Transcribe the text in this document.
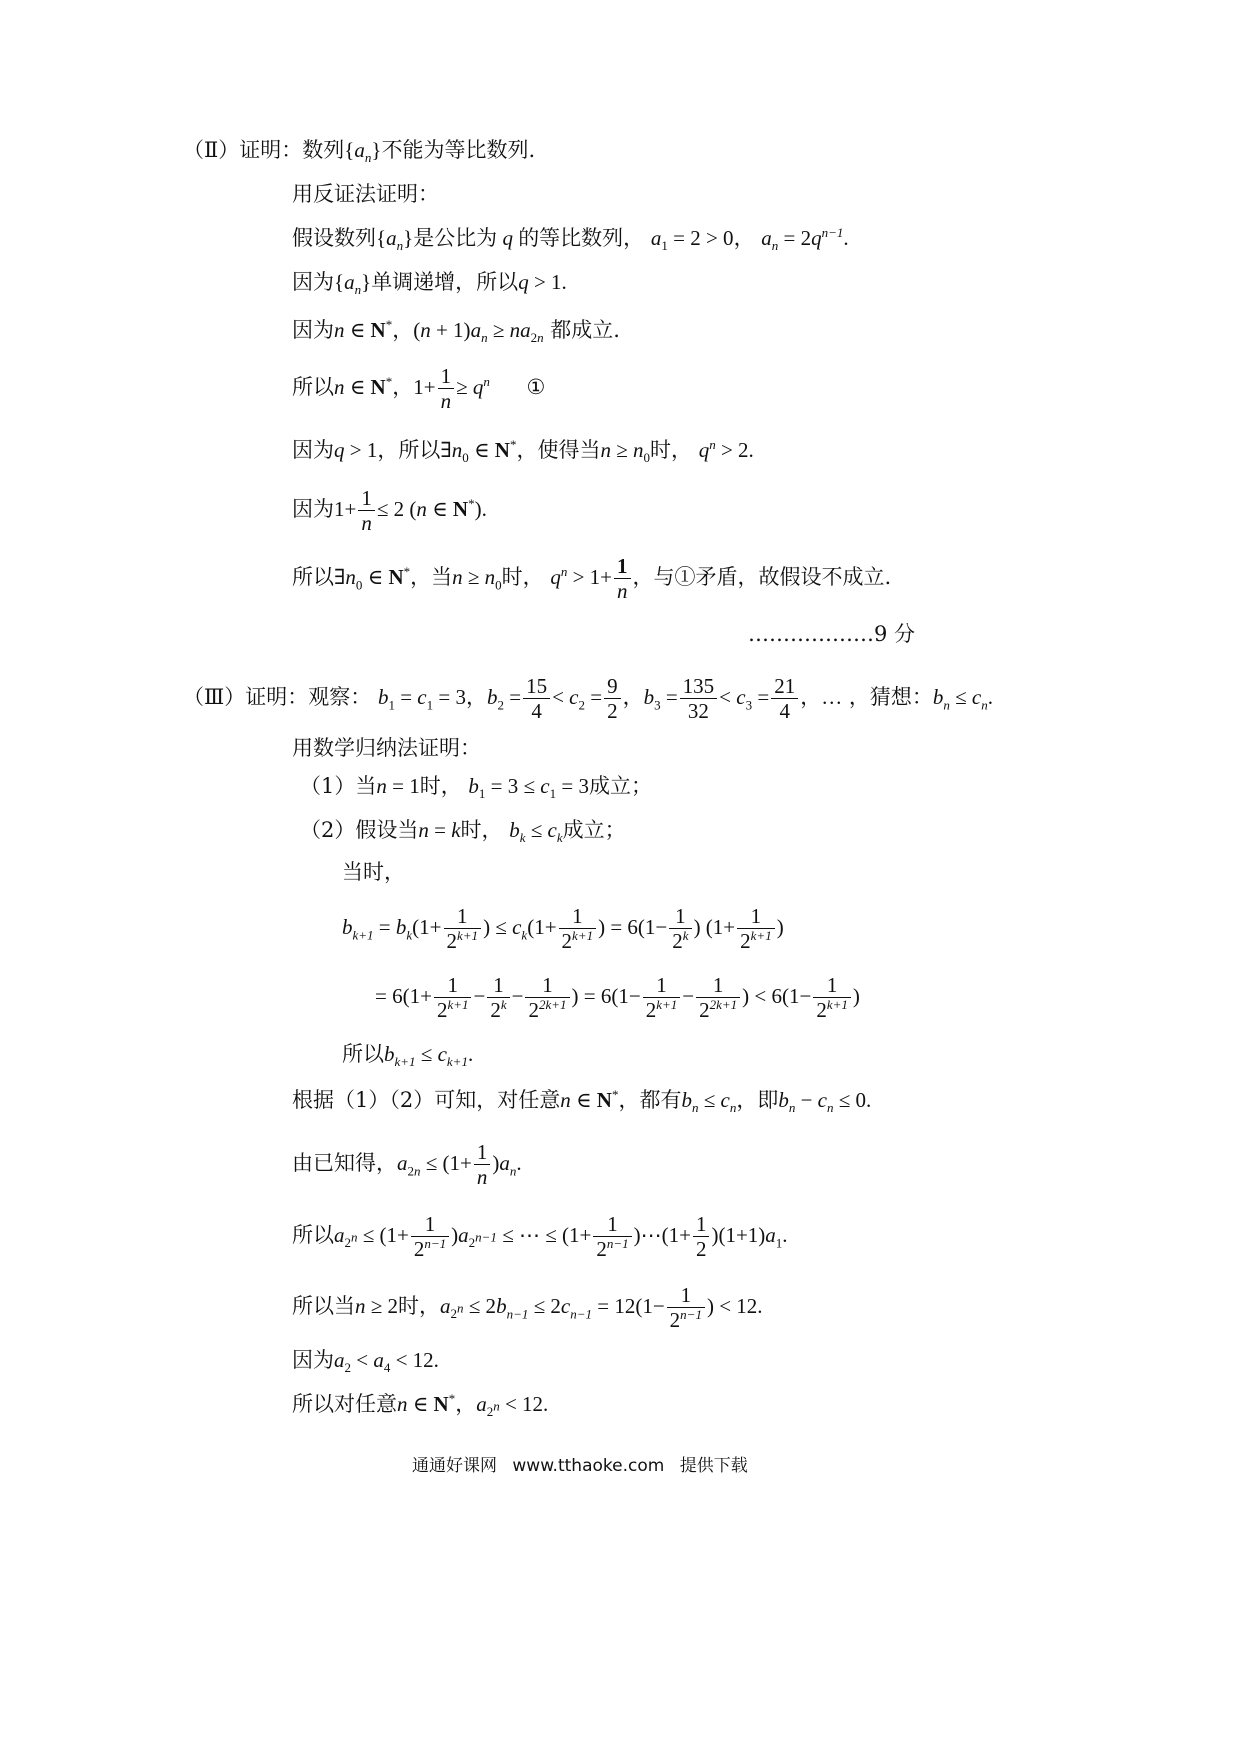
（Ⅱ）证明：数列$\{a_n\}$不能为等比数列.
用反证法证明：
假设数列$\{a_n\}$是公比为 q 的等比数列， $a_1 = 2 > 0$， $a_n = 2q^{n-1}$.
因为$\{a_n\}$单调递增，所以q > 1.
因为n ∈ N*，$(n + 1)a_n \ge na_{2n}$ 都成立.
所以n ∈ N*，$1+ \frac{1}{n} \ge q^n$ ①
因为q > 1，所以$\exists n_0$ ∈ N*，使得当$n \ge n_0$时， $q^n > 2$.
因为$1+ \frac{1}{n} \le 2$ (n ∈ N*).
所以$\exists n_0$ ∈ N*，当$n \ge n_0$时， $q^n > 1+ \frac{1}{n}$ ，与①矛盾，故假设不成立.
………………9 分
（Ⅲ）证明：观察： $b_1 = c_1 = 3$，$b_2 = \frac{15}{4} < c_2 = \frac{9}{2}$ ，$b_3 = \frac{135}{32} < c_3 = \frac{21}{4}$ ，… ，猜想：$b_n \le c_n$.
用数学归纳法证明：
（1）当n = 1时， $b_1 = 3 \le c_1 = 3$成立；
（2）假设当n = k时， $b_k \le c_k$成立；
当时，
$b_{k+1} = b_k(1+ \frac{1}{2^{k+1}}$ ) ≤ $c_k(1+ \frac{1}{2^{k+1}}$ ) = $6(1- \frac{1}{2^k}$ ) ($1+ \frac{1}{2^{k+1}}$ )
= $6(1+ \frac{1}{2^{k+1}} - \frac{1}{2^k} - \frac{1}{2^{2k+1}}$ ) = $6(1- \frac{1}{2^{k+1}} - \frac{1}{2^{2k+1}}$ ) < $6(1- \frac{1}{2^{k+1}}$ )
所以$b_{k+1} \le c_{k+1}$.
根据（1）（2）可知，对任意n ∈ N*，都有$b_n \le c_n$，即$b_n - c_n \le 0$.
由已知得，$a_{2n} \le (1+ \frac{1}{n} )a_n$.
所以$a_{2^n} \le (1+ \frac{1}{2^{n-1}} )a_{2^{n-1}}$ ≤ ⋯ ≤ ($1+ \frac{1}{2^{n-1}}$ )⋯(1+ $\frac{1}{2} )(1+1)a_1$.
所以当n ≥ 2时，$a_{2^n} \le 2b_{n-1} \le 2c_{n-1} = 12(1- \frac{1}{2^{n-1}}$ ) < 12.
因为$a_2 < a_4 < 12$.
所以对任意n ∈ N*，$a_{2^n} < 12$.
通通好课网 www.tthaoke.com 提供下载
